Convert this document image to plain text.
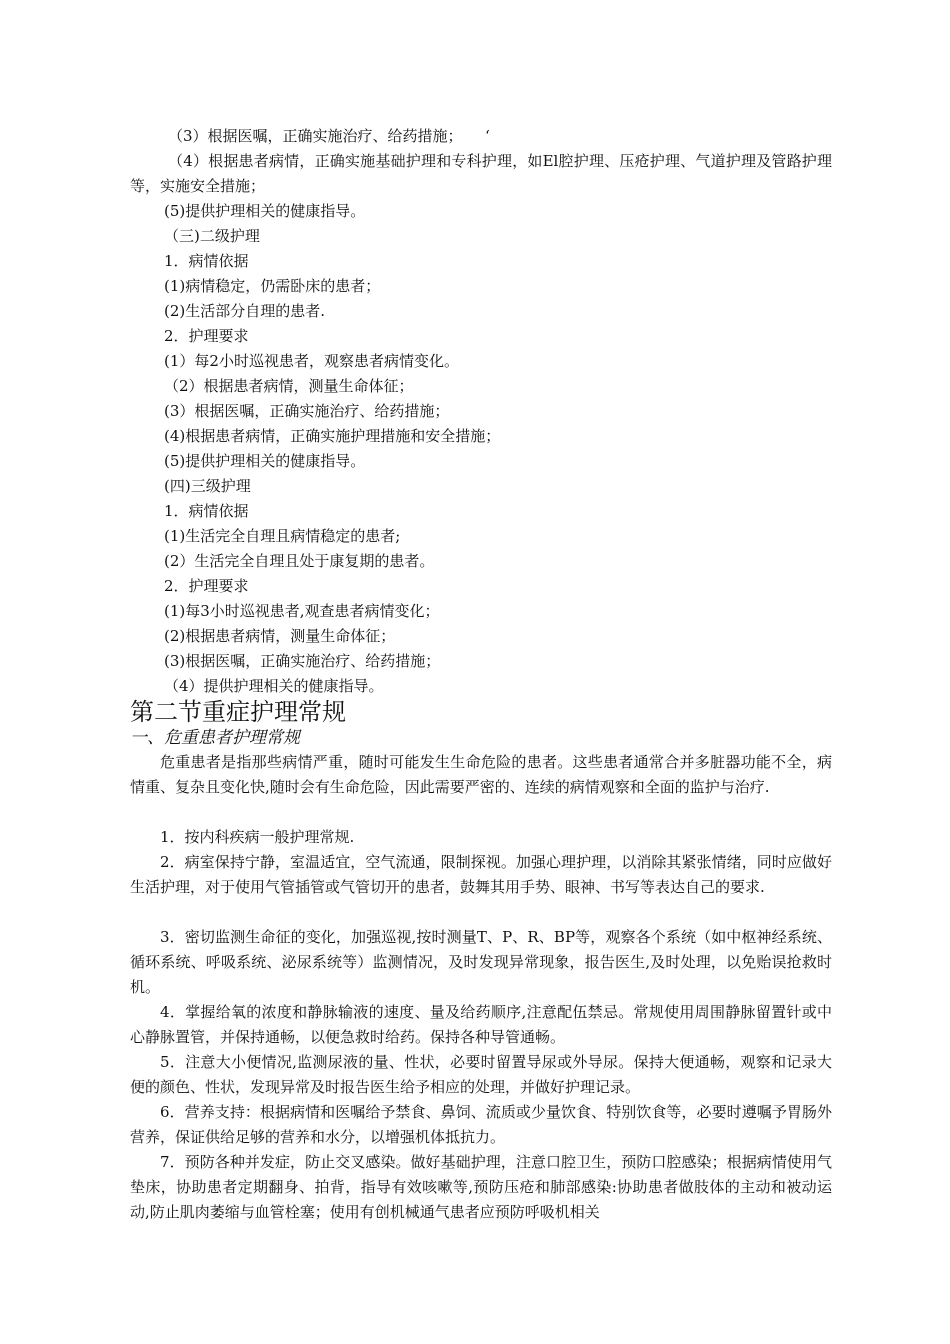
（3）根据医嘱，正确实施治疗、给药措施；　　‘
（4）根据患者病情，正确实施基础护理和专科护理，如El腔护理、压疮护理、气道护理及管路护理等，实施安全措施；
(5)提供护理相关的健康指导。
（三)二级护理
1．病情依据
(1)病情稳定，仍需卧床的患者；
(2)生活部分自理的患者.
2．护理要求
(1）每2小时巡视患者，观察患者病情变化。
（2）根据患者病情，测量生命体征；
(3）根据医嘱，正确实施治疗、给药措施；
(4)根据患者病情，正确实施护理措施和安全措施；
(5)提供护理相关的健康指导。
(四)三级护理
1．病情依据
(1)生活完全自理且病情稳定的患者;
(2）生活完全自理且处于康复期的患者。
2．护理要求
(1)每3小时巡视患者,观查患者病情变化；
(2)根据患者病情，测量生命体征；
(3)根据医嘱，正确实施治疗、给药措施；
（4）提供护理相关的健康指导。
第二节重症护理常规
一、危重患者护理常规
危重患者是指那些病情严重，随时可能发生生命危险的患者。这些患者通常合并多脏器功能不全，病情重、复杂且变化快,随时会有生命危险，因此需要严密的、连续的病情观察和全面的监护与治疗.
1．按内科疾病一般护理常规.
2．病室保持宁静，室温适宜，空气流通，限制探视。加强心理护理，以消除其紧张情绪，同时应做好生活护理，对于使用气管插管或气管切开的患者，鼓舞其用手势、眼神、书写等表达自己的要求.
3．密切监测生命征的变化，加强巡视,按时测量T、P、R、BP等，观察各个系统（如中枢神经系统、循环系统、呼吸系统、泌尿系统等）监测情况，及时发现异常现象，报告医生,及时处理，以免贻误抢救时机。
4．掌握给氧的浓度和静脉输液的速度、量及给药顺序,注意配伍禁忌。常规使用周围静脉留置针或中心静脉置管，并保持通畅，以便急救时给药。保持各种导管通畅。
5．注意大小便情况,监测尿液的量、性状，必要时留置导尿或外导尿。保持大便通畅，观察和记录大便的颜色、性状，发现异常及时报告医生给予相应的处理，并做好护理记录。
6．营养支持：根据病情和医嘱给予禁食、鼻饲、流质或少量饮食、特别饮食等，必要时遵嘱予胃肠外营养，保证供给足够的营养和水分，以增强机体抵抗力。
7．预防各种并发症，防止交叉感染。做好基础护理，注意口腔卫生，预防口腔感染；根据病情使用气垫床，协助患者定期翻身、拍背，指导有效咳嗽等,预防压疮和肺部感染:协助患者做肢体的主动和被动运动,防止肌肉萎缩与血管栓塞；使用有创机械通气患者应预防呼吸机相关
